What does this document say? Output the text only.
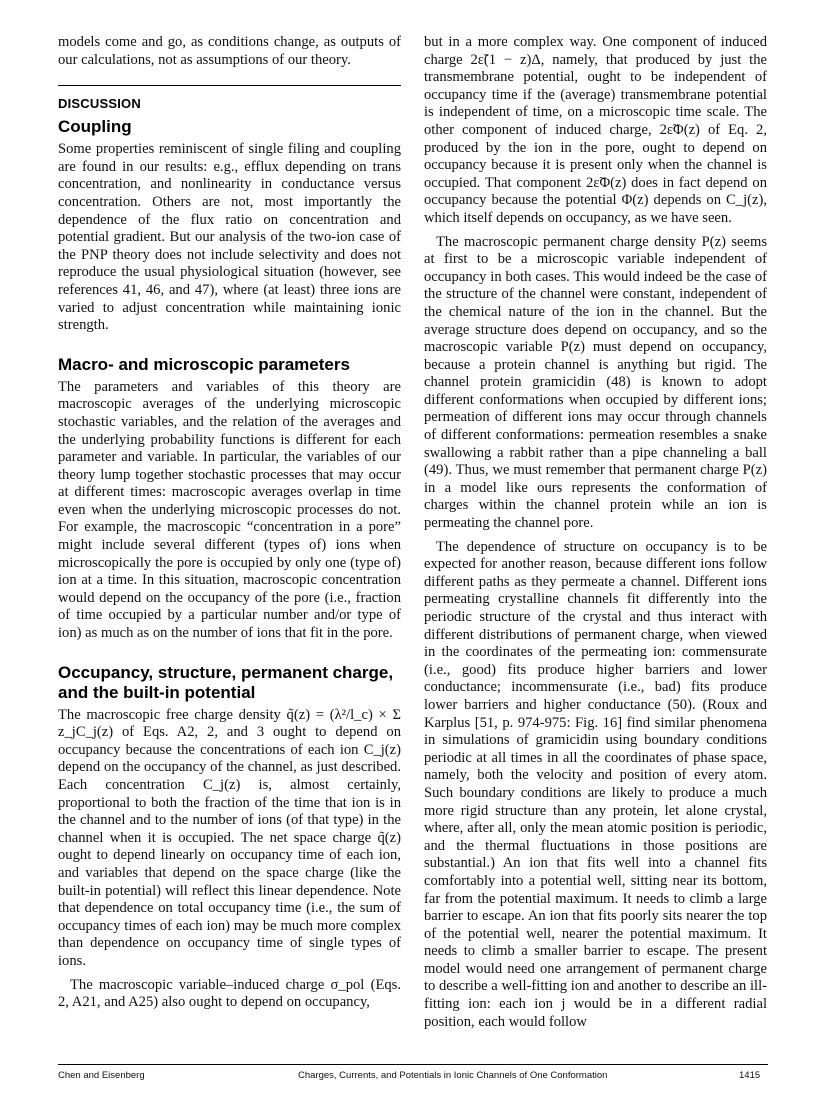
models come and go, as conditions change, as outputs of our calculations, not as assumptions of our theory.

DISCUSSION
Coupling

Some properties reminiscent of single filing and coupling are found in our results: e.g., efflux depending on trans concentration, and nonlinearity in conductance versus concentration. Others are not, most importantly the dependence of the flux ratio on concentration and potential gradient. But our analysis of the two-ion case of the PNP theory does not include selectivity and does not reproduce the usual physiological situation (however, see references 41, 46, and 47), where (at least) three ions are varied to adjust concentration while maintaining ionic strength.

Macro- and microscopic parameters

The parameters and variables of this theory are macroscopic averages of the underlying microscopic stochastic variables, and the relation of the averages and the underlying probability functions is different for each parameter and variable. In particular, the variables of our theory lump together stochastic processes that may occur at different times: macroscopic averages overlap in time even when the underlying microscopic processes do not. For example, the macroscopic “concentration in a pore” might include several different (types of) ions when microscopically the pore is occupied by only one (type of) ion at a time. In this situation, macroscopic concentration would depend on the occupancy of the pore (i.e., fraction of time occupied by a particular number and/or type of ion) as much as on the number of ions that fit in the pore.

Occupancy, structure, permanent charge, and the built-in potential

The macroscopic free charge density q̃(z) = (λ²/l_c) × Σ z_jC_j(z) of Eqs. A2, 2, and 3 ought to depend on occupancy because the concentrations of each ion C_j(z) depend on the occupancy of the channel, as just described. Each concentration C_j(z) is, almost certainly, proportional to both the fraction of the time that ion is in the channel and to the number of ions (of that type) in the channel when it is occupied. The net space charge q̃(z) ought to depend linearly on occupancy time of each ion, and variables that depend on the space charge (like the built-in potential) will reflect this linear dependence. Note that dependence on total occupancy time (i.e., the sum of occupancy times of each ion) may be much more complex than dependence on occupancy time of single types of ions.

The macroscopic variable–induced charge σ_pol (Eqs. 2, A21, and A25) also ought to depend on occupancy,

but in a more complex way. One component of induced charge 2ε̃(1 − z)Δ, namely, that produced by just the transmembrane potential, ought to be independent of occupancy time if the (average) transmembrane potential is independent of time, on a microscopic time scale. The other component of induced charge, 2ε̃Φ(z) of Eq. 2, produced by the ion in the pore, ought to depend on occupancy because it is present only when the channel is occupied. That component 2ε̃Φ(z) does in fact depend on occupancy because the potential Φ(z) depends on C_j(z), which itself depends on occupancy, as we have seen.

The macroscopic permanent charge density P(z) seems at first to be a microscopic variable independent of occupancy in both cases. This would indeed be the case of the structure of the channel were constant, independent of the chemical nature of the ion in the channel. But the average structure does depend on occupancy, and so the macroscopic variable P(z) must depend on occupancy, because a protein channel is anything but rigid. The channel protein gramicidin (48) is known to adopt different conformations when occupied by different ions; permeation of different ions may occur through channels of different conformations: permeation resembles a snake swallowing a rabbit rather than a pipe channeling a ball (49). Thus, we must remember that permanent charge P(z) in a model like ours represents the conformation of charges within the channel protein while an ion is permeating the channel pore.

The dependence of structure on occupancy is to be expected for another reason, because different ions follow different paths as they permeate a channel. Different ions permeating crystalline channels fit differently into the periodic structure of the crystal and thus interact with different distributions of permanent charge, when viewed in the coordinates of the permeating ion: commensurate (i.e., good) fits produce higher barriers and lower conductance; incommensurate (i.e., bad) fits produce lower barriers and higher conductance (50). (Roux and Karplus [51, p. 974-975: Fig. 16] find similar phenomena in simulations of gramicidin using boundary conditions periodic at all times in all the coordinates of phase space, namely, both the velocity and position of every atom. Such boundary conditions are likely to produce a much more rigid structure than any protein, let alone crystal, where, after all, only the mean atomic position is periodic, and the thermal fluctuations in those positions are substantial.) An ion that fits well into a channel fits comfortably into a potential well, sitting near its bottom, far from the potential maximum. It needs to climb a large barrier to escape. An ion that fits poorly sits nearer the top of the potential well, nearer the potential maximum. It needs to climb a smaller barrier to escape. The present model would need one arrangement of permanent charge to describe a well-fitting ion and another to describe an ill-fitting ion: each ion j would be in a different radial position, each would follow

Chen and Eisenberg	Charges, Currents, and Potentials in Ionic Channels of One Conformation	1415
